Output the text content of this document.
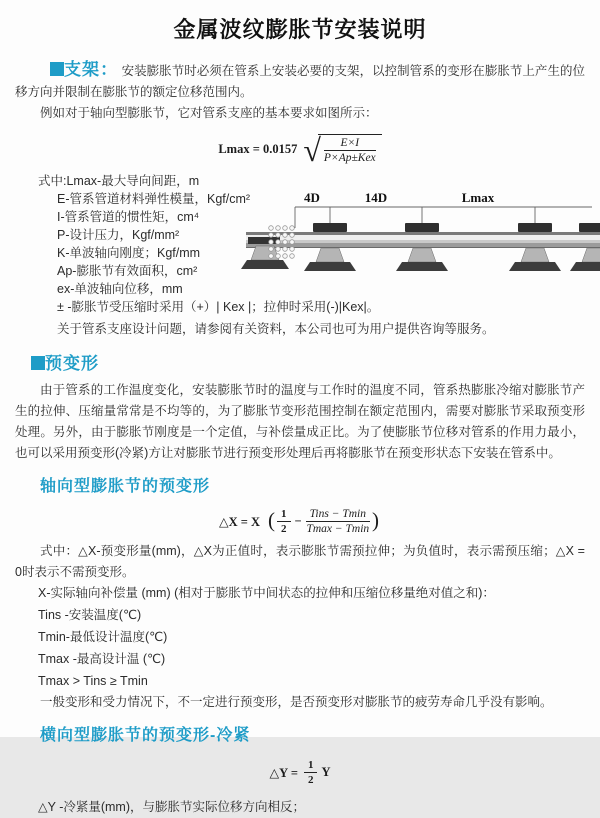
金属波纹膨胀节安装说明

支架： 安装膨胀节时必须在管系上安装必要的支架，以控制管系的变形在膨胀节上产生的位移方向并限制在膨胀节的额定位移范围内。

例如对于轴向型膨胀节，它对管系支座的基本要求如图所示：

Lmax = 0.0157 √ $\frac{E\times I}{\text{P×Ap±Kex}}$
式中:Lmax-最大导向间距，m
E-管系管道材料弹性模量，Kgf/cm²
I-管系管道的惯性矩，cm⁴
P-设计压力，Kgf/mm²
K-单波轴向刚度；Kgf/mm
Ap-膨胀节有效面积，cm²
ex-单波轴向位移，mm
± -膨胀节受压缩时采用（+）| Kex |；拉伸时采用(-)|Kex|。
关于管系支座设计问题，请参阅有关资料，本公司也可为用户提供咨询等服务。
4D	14D	Lmax
预变形

由于管系的工作温度变化，安装膨胀节时的温度与工作时的温度不同，管系热膨胀冷缩对膨胀节产生的拉伸、压缩量常常是不均等的，为了膨胀节变形范围控制在额定范围内，需要对膨胀节采取预变形处理。另外，由于膨胀节刚度是一个定值，与补偿量成正比。为了使膨胀节位移对管系的作用力最小，也可以采用预变形(冷紧)方让对膨胀节进行预变形处理后再将膨胀节在预变形状态下安装在管系中。

轴向型膨胀节的预变形
△X = X ( $\frac{1}{2} - \frac{\text{Tins − Tmin}}{Tmax - Tmin}$ )

式中：△X-预变形量(mm)，△X为正值时，表示膨胀节需预拉伸；为负值时，表示需预压缩；△X = 0时表示不需预变形。

X-实际轴向补偿量 (mm) (相对于膨胀节中间状态的拉伸和压缩位移量绝对值之和)：
Tins -安装温度(℃)
Tmin-最低设计温度(℃)
Tmax -最高设计温 (℃)
Tmax > Tins ≥ Tmin

一般变形和受力情况下，不一定进行预变形，是否预变形对膨胀节的疲劳寿命几乎没有影响。

横向型膨胀节的预变形-冷紧
△Y = $\frac{1}{2}$ Y
△Y -冷紧量(mm)，与膨胀节实际位移方向相反；
